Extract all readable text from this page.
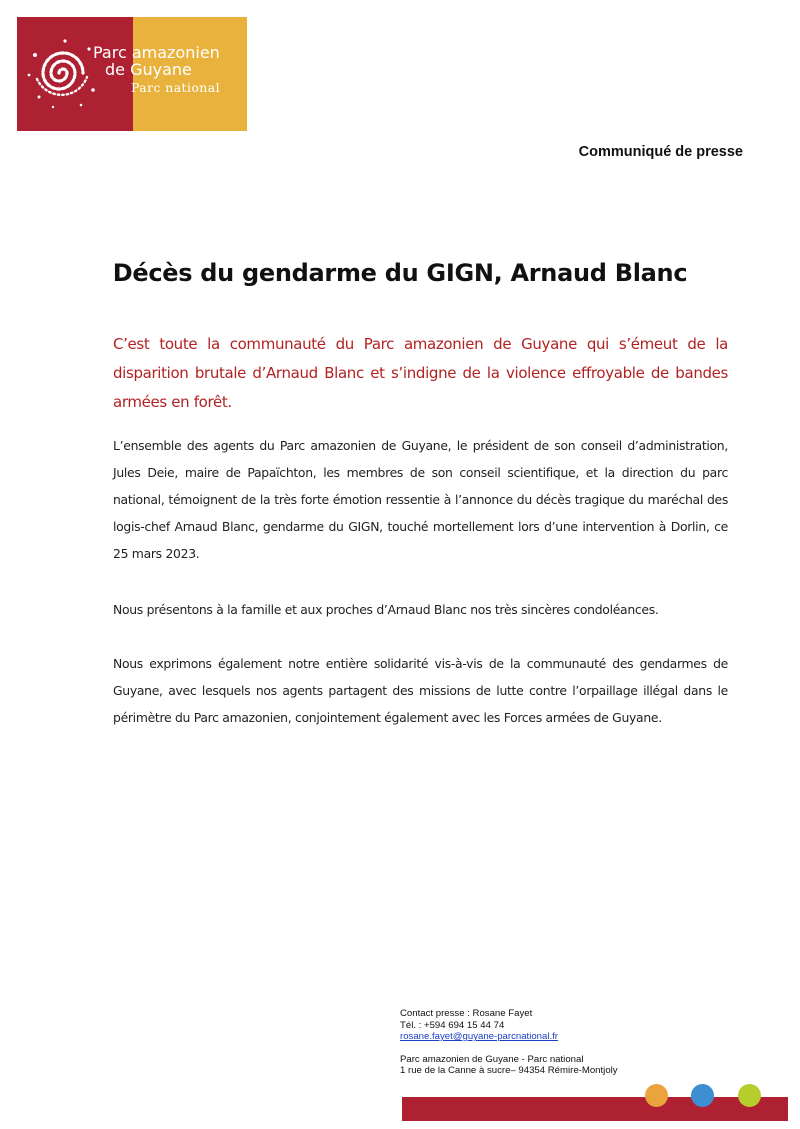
Parc amazonien
de Guyane
Parc national
Communiqué de presse
Décès du gendarme du GIGN, Arnaud Blanc

C’est toute la communauté du Parc amazonien de Guyane qui s’émeut de la disparition brutale d’Arnaud Blanc et s’indigne de la violence effroyable de bandes armées en forêt.

L’ensemble des agents du Parc amazonien de Guyane, le président de son conseil d’administration, Jules Deie, maire de Papaïchton, les membres de son conseil scientifique, et la direction du parc national, témoignent de la très forte émotion ressentie à l’annonce du décès tragique du maréchal des logis-chef Arnaud Blanc, gendarme du GIGN, touché mortellement lors d’une intervention à Dorlin, ce 25 mars 2023.

Nous présentons à la famille et aux proches d’Arnaud Blanc nos très sincères condoléances.

Nous exprimons également notre entière solidarité vis-à-vis de la communauté des gendarmes de Guyane, avec lesquels nos agents partagent des missions de lutte contre l’orpaillage illégal dans le périmètre du Parc amazonien, conjointement également avec les Forces armées de Guyane.

Contact presse : Rosane Fayet
Tél. : +594 694 15 44 74
rosane.fayet@guyane-parcnational.fr
Parc amazonien de Guyane - Parc national
1 rue de la Canne à sucre– 94354 Rémire-Montjoly
